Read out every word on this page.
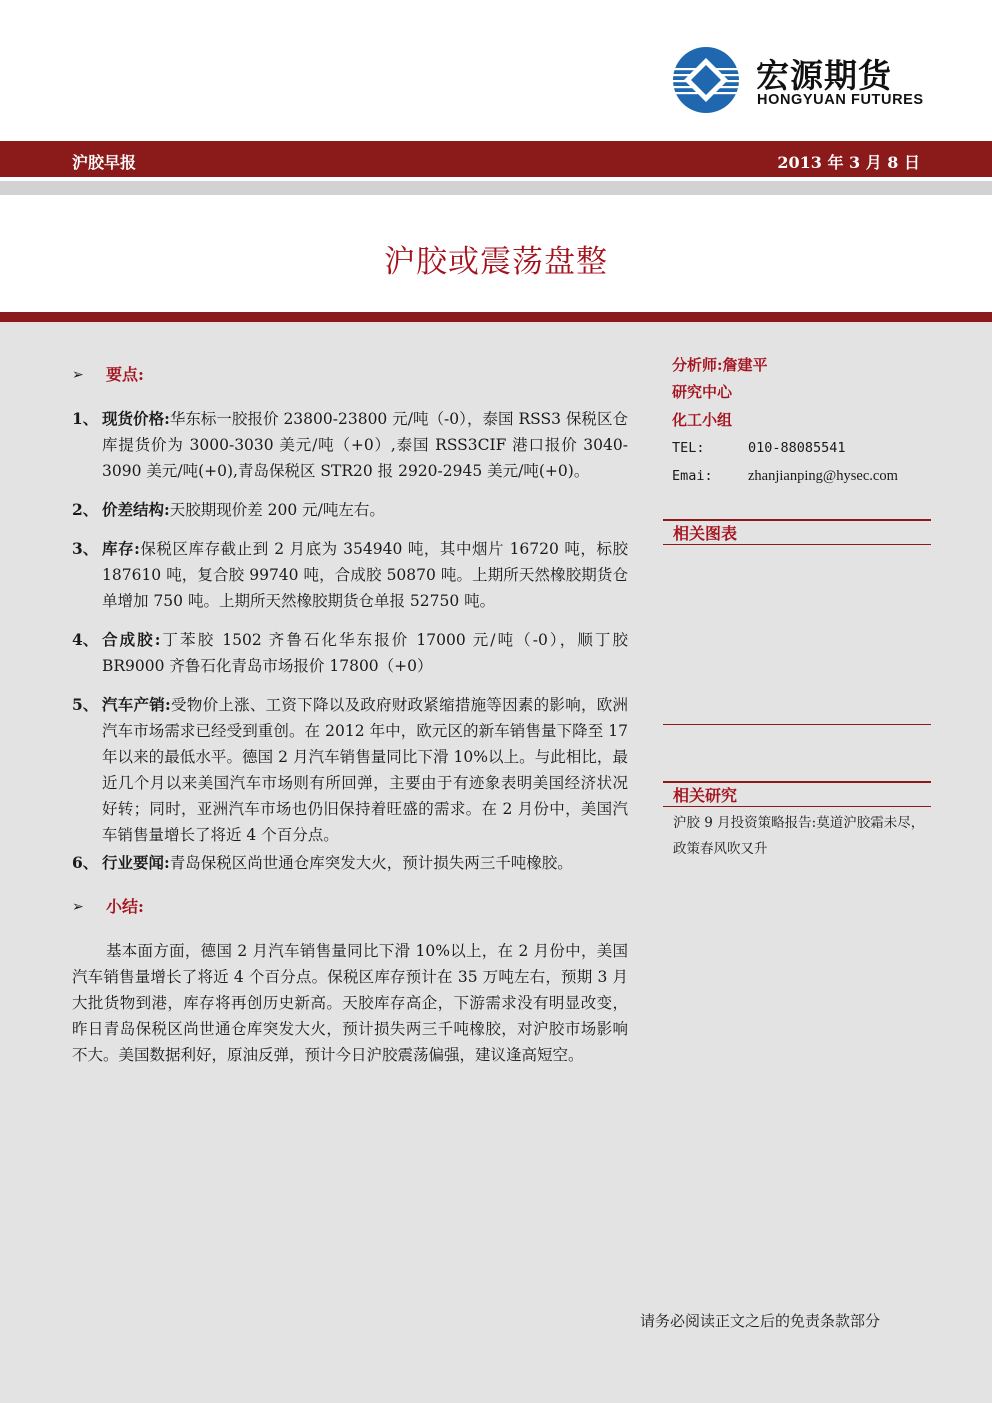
宏源期货
HONGYUAN FUTURES
沪胶早报	2013 年 3 月 8 日
沪胶或震荡盘整
➢ 要点:
1、 现货价格:华东标一胶报价 23800-23800 元/吨（-0），泰国 RSS3 保税区仓库提货价为 3000-3030 美元/吨（+0）,泰国 RSS3CIF 港口报价 3040-3090 美元/吨(+0),青岛保税区 STR20 报 2920-2945 美元/吨(+0)。
2、 价差结构:天胶期现价差 200 元/吨左右。
3、 库存:保税区库存截止到 2 月底为 354940 吨，其中烟片 16720 吨，标胶 187610 吨，复合胶 99740 吨，合成胶 50870 吨。上期所天然橡胶期货仓单增加 750 吨。上期所天然橡胶期货仓单报 52750 吨。
4、 合成胶:丁苯胶 1502 齐鲁石化华东报价 17000 元/吨（-0），顺丁胶 BR9000 齐鲁石化青岛市场报价 17800（+0）
5、 汽车产销:受物价上涨、工资下降以及政府财政紧缩措施等因素的影响，欧洲汽车市场需求已经受到重创。在 2012 年中，欧元区的新车销售量下降至 17 年以来的最低水平。德国 2 月汽车销售量同比下滑 10%以上。与此相比，最近几个月以来美国汽车市场则有所回弹，主要由于有迹象表明美国经济状况好转；同时，亚洲汽车市场也仍旧保持着旺盛的需求。在 2 月份中，美国汽车销售量增长了将近 4 个百分点。
6、 行业要闻:青岛保税区尚世通仓库突发大火，预计损失两三千吨橡胶。
➢ 小结:
基本面方面，德国 2 月汽车销售量同比下滑 10%以上，在 2 月份中，美国汽车销售量增长了将近 4 个百分点。保税区库存预计在 35 万吨左右，预期 3 月大批货物到港，库存将再创历史新高。天胶库存高企，下游需求没有明显改变，昨日青岛保税区尚世通仓库突发大火，预计损失两三千吨橡胶，对沪胶市场影响不大。美国数据利好，原油反弹，预计今日沪胶震荡偏强，建议逢高短空。
分析师:詹建平
研究中心
化工小组
TEL:	010-88085541
Emai:	zhanjianping@hysec.com
相关图表
相关研究
沪胶 9 月投资策略报告:莫道沪胶霜未尽，政策春风吹又升
请务必阅读正文之后的免责条款部分
